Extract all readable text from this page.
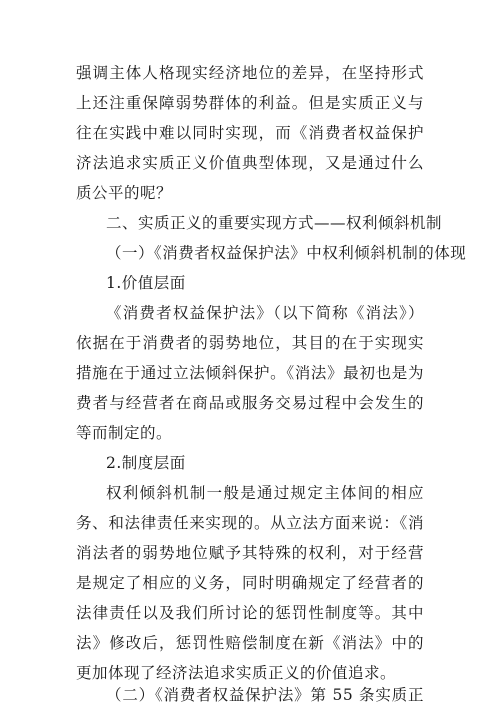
强调主体人格现实经济地位的差异，在坚持形式
上还注重保障弱势群体的利益。但是实质正义与
往在实践中难以同时实现，而《消费者权益保护
济法追求实质正义价值典型体现，又是通过什么
质公平的呢？
二、实质正义的重要实现方式——权利倾斜机制
（一）《消费者权益保护法》中权利倾斜机制的体现
1.价值层面
《消费者权益保护法》（以下简称《消法》）
依据在于消费者的弱势地位，其目的在于实现实
措施在于通过立法倾斜保护。《消法》最初也是为
费者与经营者在商品或服务交易过程中会发生的
等而制定的。
2.制度层面
权利倾斜机制一般是通过规定主体间的相应
务、和法律责任来实现的。从立法方面来说：《消
消法者的弱势地位赋予其特殊的权利，对于经营
是规定了相应的义务，同时明确规定了经营者的
法律责任以及我们所讨论的惩罚性制度等。其中
法》修改后，惩罚性赔偿制度在新《消法》中的
更加体现了经济法追求实质正义的价值追求。
（二）《消费者权益保护法》第 55 条实质正
